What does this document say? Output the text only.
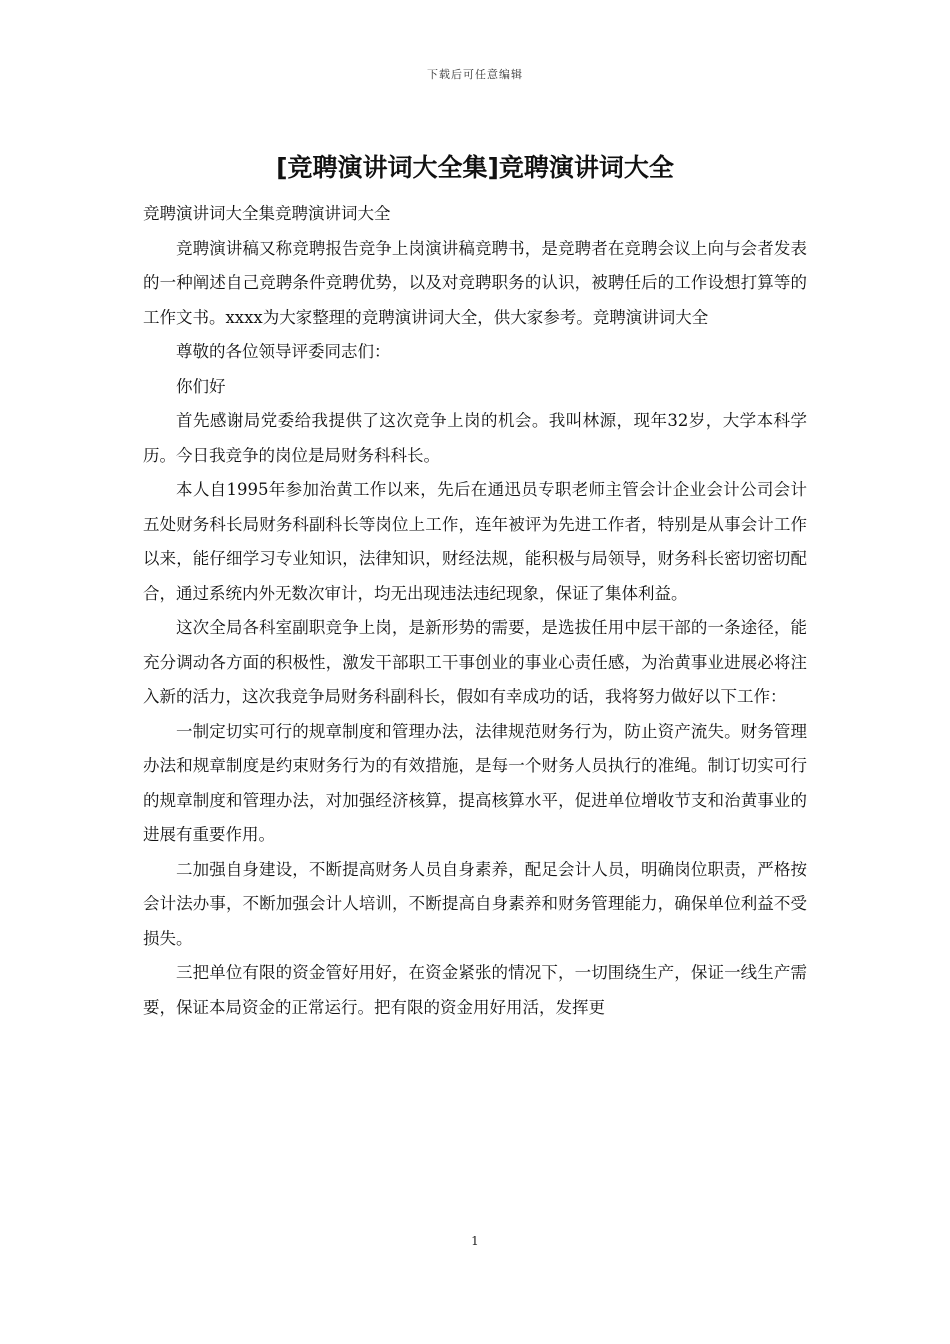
下载后可任意编辑
[竞聘演讲词大全集]竞聘演讲词大全

竞聘演讲词大全集竞聘演讲词大全

竞聘演讲稿又称竞聘报告竞争上岗演讲稿竞聘书，是竞聘者在竞聘会议上向与会者发表的一种阐述自己竞聘条件竞聘优势，以及对竞聘职务的认识，被聘任后的工作设想打算等的工作文书。xxxx为大家整理的竞聘演讲词大全，供大家参考。竞聘演讲词大全

尊敬的各位领导评委同志们：

你们好

首先感谢局党委给我提供了这次竞争上岗的机会。我叫林源，现年32岁，大学本科学历。今日我竞争的岗位是局财务科科长。

本人自1995年参加治黄工作以来，先后在通迅员专职老师主管会计企业会计公司会计五处财务科长局财务科副科长等岗位上工作，连年被评为先进工作者，特别是从事会计工作以来，能仔细学习专业知识，法律知识，财经法规，能积极与局领导，财务科长密切密切配合，通过系统内外无数次审计，均无出现违法违纪现象，保证了集体利益。

这次全局各科室副职竞争上岗，是新形势的需要，是选拔任用中层干部的一条途径，能充分调动各方面的积极性，激发干部职工干事创业的事业心责任感，为治黄事业进展必将注入新的活力，这次我竞争局财务科副科长，假如有幸成功的话，我将努力做好以下工作：

一制定切实可行的规章制度和管理办法，法律规范财务行为，防止资产流失。财务管理办法和规章制度是约束财务行为的有效措施，是每一个财务人员执行的准绳。制订切实可行的规章制度和管理办法，对加强经济核算，提高核算水平，促进单位增收节支和治黄事业的进展有重要作用。

二加强自身建设，不断提高财务人员自身素养，配足会计人员，明确岗位职责，严格按会计法办事，不断加强会计人培训，不断提高自身素养和财务管理能力，确保单位利益不受损失。

三把单位有限的资金管好用好，在资金紧张的情况下，一切围绕生产，保证一线生产需要，保证本局资金的正常运行。把有限的资金用好用活，发挥更

1
